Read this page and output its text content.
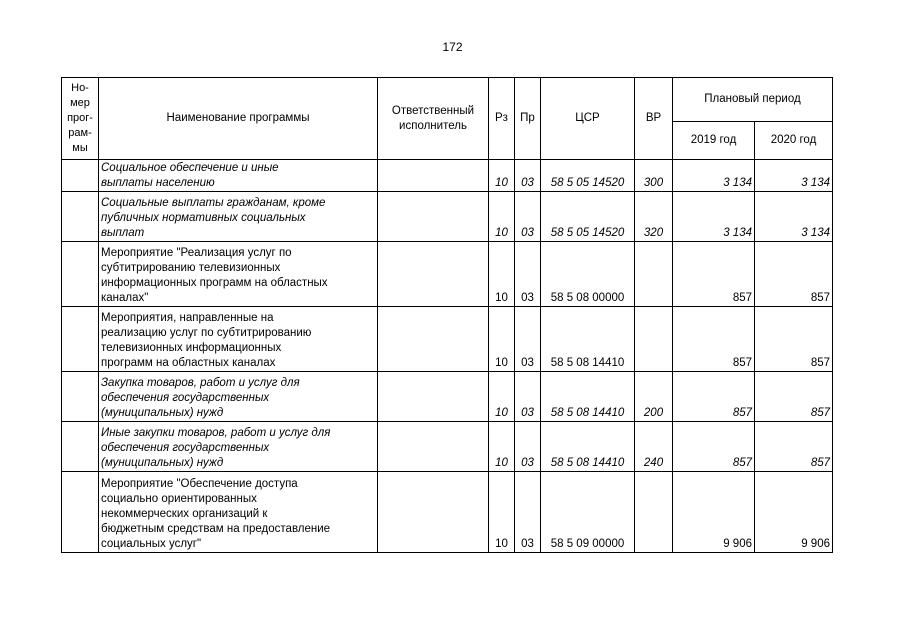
172
Но-
мер
прог-
рам-
мы	Наименование программы	Ответственный исполнитель	Рз	Пр	ЦСР	ВР	Плановый период	
							2019 год	2020 год

	Социальное обеспечение и иные
выплаты населению		10	03	58 5 05 14520	300	3 134	3 134

	Социальные выплаты гражданам, кроме
публичных нормативных социальных
выплат		10	03	58 5 05 14520	320	3 134	3 134

	Мероприятие "Реализация услуг по
субтитрированию телевизионных
информационных программ на областных
каналах"		10	03	58 5 08 00000		857	857

	Мероприятия, направленные на
реализацию услуг по субтитрированию
телевизионных информационных
программ на областных каналах		10	03	58 5 08 14410		857	857

	Закупка товаров, работ и услуг для
обеспечения государственных
(муниципальных) нужд		10	03	58 5 08 14410	200	857	857

	Иные закупки товаров, работ и услуг для
обеспечения государственных
(муниципальных) нужд		10	03	58 5 08 14410	240	857	857

	Мероприятие "Обеспечение доступа
социально ориентированных
некоммерческих организаций к
бюджетным средствам на предоставление
социальных услуг"		10	03	58 5 09 00000		9 906	9 906
